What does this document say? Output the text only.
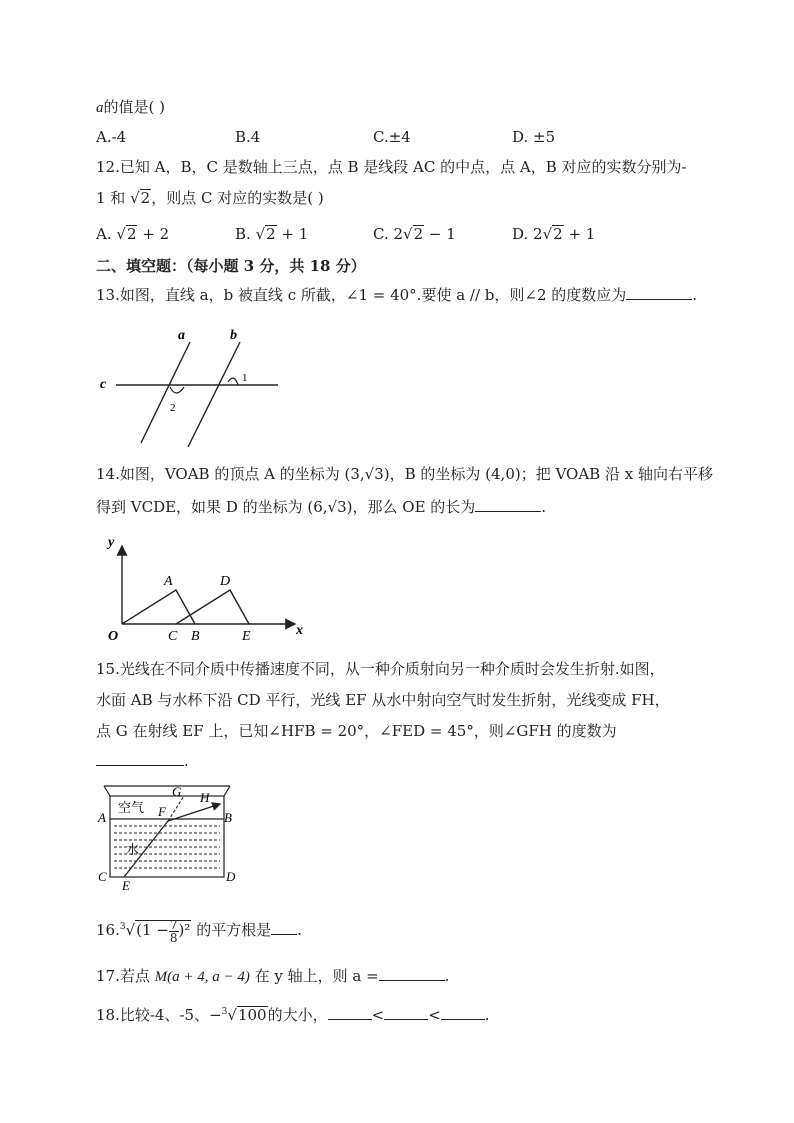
a的值是( )
A.-4	B.4	C.±4	D. ±5
12.已知 A，B，C 是数轴上三点，点 B 是线段 AC 的中点，点 A，B 对应的实数分别为-
1 和 √2，则点 C 对应的实数是( )
A. √2 + 2	B. √2 + 1	C. 2√2 − 1	D. 2√2 + 1
二、填空题：（每小题 3 分，共 18 分）
13.如图，直线 a，b 被直线 c 所截，∠1 = 40°.要使 a // b，则∠2 的度数应为	.
a	b
c	1
2
14.如图，VOAB 的顶点 A 的坐标为 (3,√3)，B 的坐标为 (4,0)；把 VOAB 沿 x 轴向右平移
得到 VCDE，如果 D 的坐标为 (6,√3)，那么 OE 的长为	.
y
x
O
A	D
C B	E
15.光线在不同介质中传播速度不同，从一种介质射向另一种介质时会发生折射.如图，
水面 AB 与水杯下沿 CD 平行，光线 EF 从水中射向空气时发生折射，光线变成 FH，
点 G 在射线 EF 上，已知∠HFB = 20°，∠FED = 45°，则∠GFH 的度数为
.
空气
水
G H
F
A	B
C	D
E
$16.^3√(1 - \frac{7}{8} )^2$ 的平方根是 .
17.若点 M(a + 4, a − 4) 在 y 轴上，则 a =	.
18.比较-4、-5、−$^3$√100的大小，	<	<	.
